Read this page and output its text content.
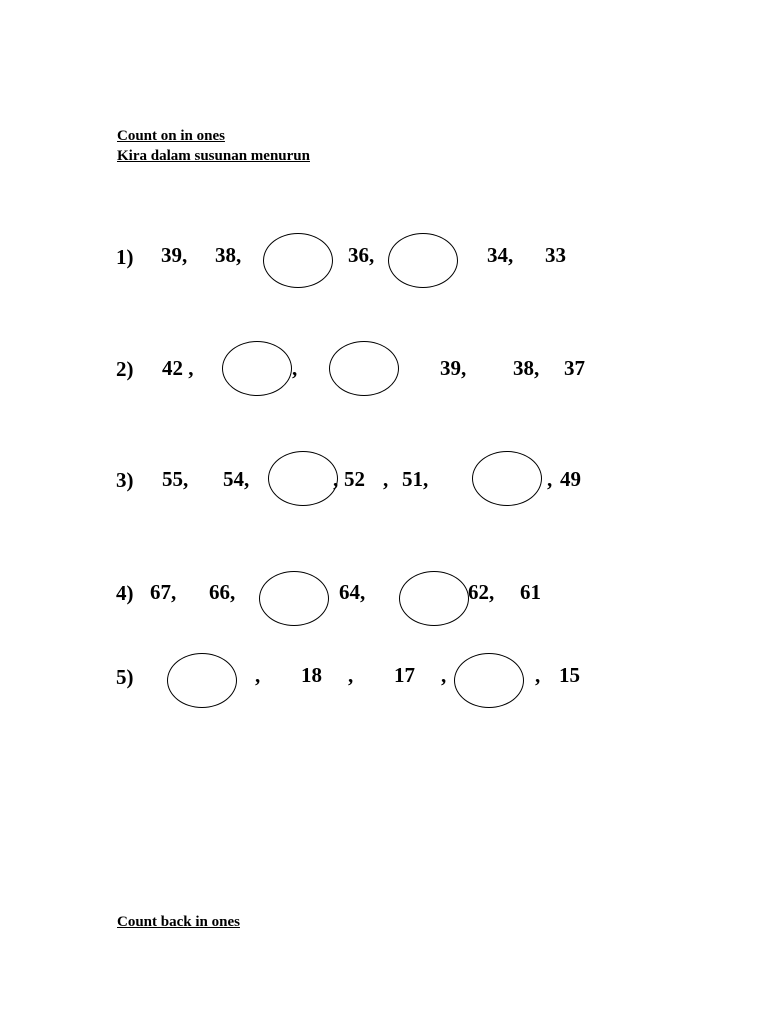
Count on in ones
Kira dalam susunan menurun
1) 39, 38,	36,	34, 33
2) 42 ,	,	39, 38, 37
3) 55, 54,	, 52 , 51,	, 49
4) 67, 66,	64,	62, 61
5)	, 18 , 17 ,	, 15
Count back in ones
